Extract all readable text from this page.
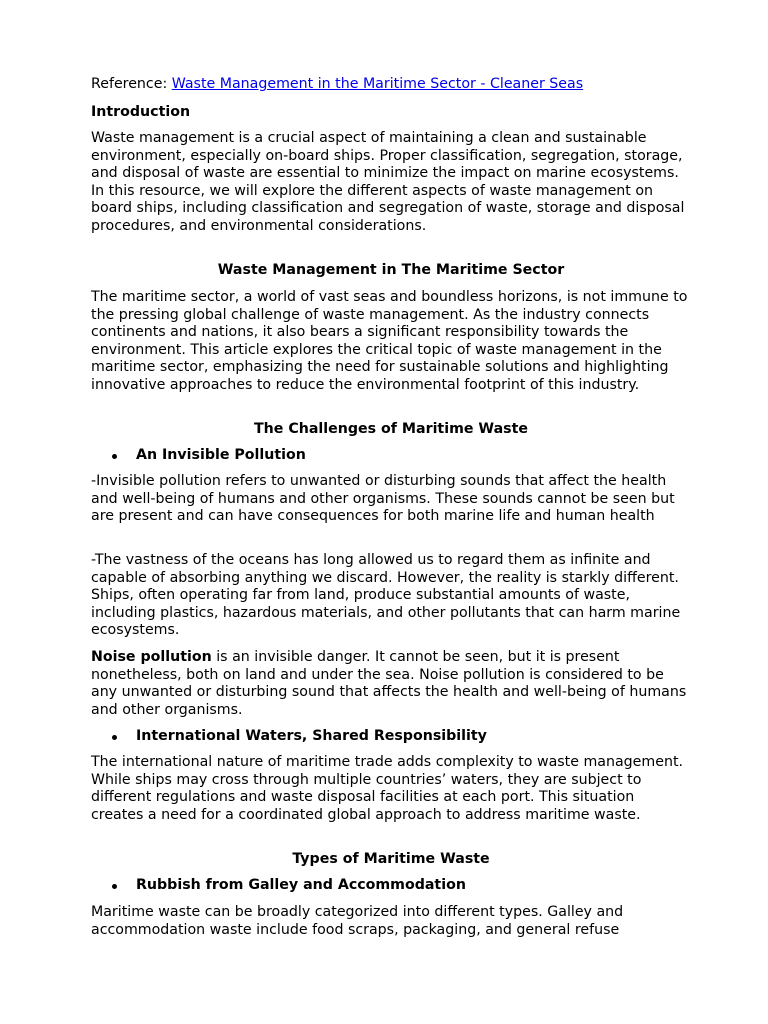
Reference: Waste Management in the Maritime Sector - Cleaner Seas

Introduction

Waste management is a crucial aspect of maintaining a clean and sustainable environment, especially on-board ships. Proper classification, segregation, storage, and disposal of waste are essential to minimize the impact on marine ecosystems. In this resource, we will explore the different aspects of waste management on board ships, including classification and segregation of waste, storage and disposal procedures, and environmental considerations.

Waste Management in The Maritime Sector

The maritime sector, a world of vast seas and boundless horizons, is not immune to the pressing global challenge of waste management. As the industry connects continents and nations, it also bears a significant responsibility towards the environment. This article explores the critical topic of waste management in the maritime sector, emphasizing the need for sustainable solutions and highlighting innovative approaches to reduce the environmental footprint of this industry.

The Challenges of Maritime Waste

An Invisible Pollution

-Invisible pollution refers to unwanted or disturbing sounds that affect the health and well-being of humans and other organisms. These sounds cannot be seen but are present and can have consequences for both marine life and human health

-The vastness of the oceans has long allowed us to regard them as infinite and capable of absorbing anything we discard. However, the reality is starkly different. Ships, often operating far from land, produce substantial amounts of waste, including plastics, hazardous materials, and other pollutants that can harm marine ecosystems.

Noise pollution is an invisible danger. It cannot be seen, but it is present nonetheless, both on land and under the sea. Noise pollution is considered to be any unwanted or disturbing sound that affects the health and well-being of humans and other organisms.

International Waters, Shared Responsibility

The international nature of maritime trade adds complexity to waste management. While ships may cross through multiple countries’ waters, they are subject to different regulations and waste disposal facilities at each port. This situation creates a need for a coordinated global approach to address maritime waste.

Types of Maritime Waste

Rubbish from Galley and Accommodation

Maritime waste can be broadly categorized into different types. Galley and accommodation waste include food scraps, packaging, and general refuse
